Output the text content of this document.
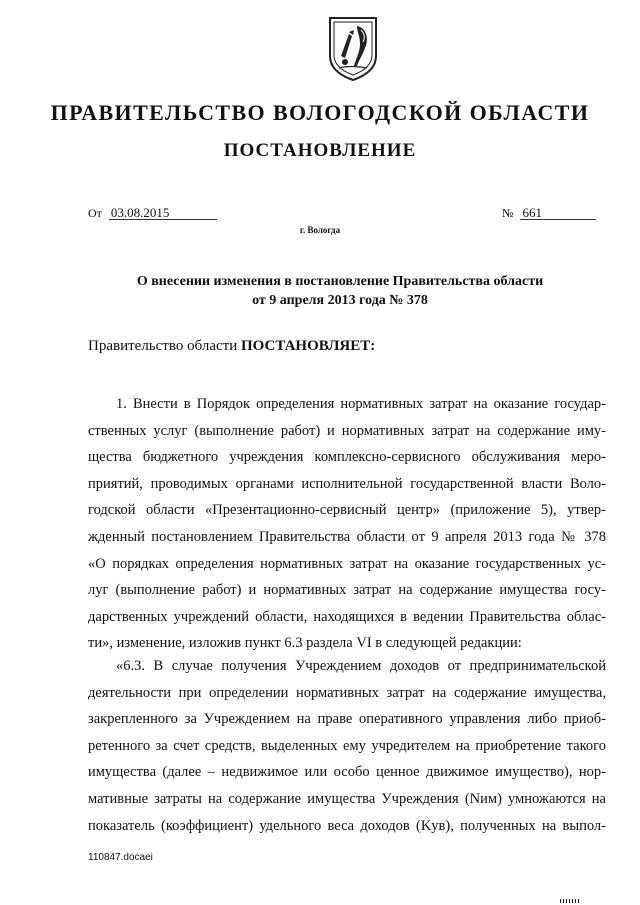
ПРАВИТЕЛЬСТВО ВОЛОГОДСКОЙ ОБЛАСТИ
ПОСТАНОВЛЕНИЕ
От 03.08.2015	№ 661

г. Вологда

О внесении изменения в постановление Правительства области
от 9 апреля 2013 года № 378

Правительство области ПОСТАНОВЛЯЕТ:

1. Внести в Порядок определения нормативных затрат на оказание государ-
ственных услуг (выполнение работ) и нормативных затрат на содержание иму-
щества бюджетного учреждения комплексно-сервисного обслуживания меро-
приятий, проводимых органами исполнительной государственной власти Воло-
годской области «Презентационно-сервисный центр» (приложение 5), утвер-
жденный постановлением Правительства области от 9 апреля 2013 года № 378
«О порядках определения нормативных затрат на оказание государственных ус-
луг (выполнение работ) и нормативных затрат на содержание имущества госу-
дарственных учреждений области, находящихся в ведении Правительства облас-
ти», изменение, изложив пункт 6.3 раздела VI в следующей редакции:
«6.3. В случае получения Учреждением доходов от предпринимательской
деятельности при определении нормативных затрат на содержание имущества,
закрепленного за Учреждением на праве оперативного управления либо приоб-
ретенного за счет средств, выделенных ему учредителем на приобретение такого
имущества (далее – недвижимое или особо ценное движимое имущество), нор-
мативные затраты на содержание имущества Учреждения (Nим) умножаются на
показатель (коэффициент) удельного веса доходов (Kув), полученных на выпол-

110847.docaei
